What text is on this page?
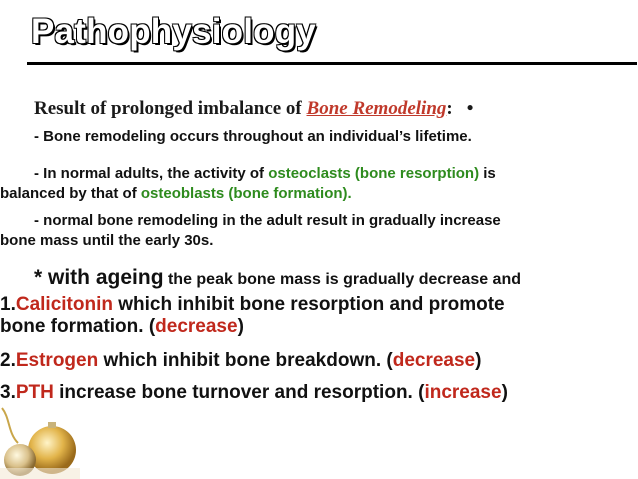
Pathophysiology
Result of prolonged imbalance of Bone Remodeling: •
- Bone remodeling occurs throughout an individual’s lifetime.
- In normal adults, the activity of osteoclasts (bone resorption) is
balanced by that of osteoblasts (bone formation).
- normal bone remodeling in the adult result in gradually increase
bone mass until the early 30s.
* with ageing the peak bone mass is gradually decrease and
1.Calicitonin which inhibit bone resorption and promote
bone formation. (decrease)
2.Estrogen which inhibit bone breakdown. (decrease)
3.PTH increase bone turnover and resorption. (increase)
